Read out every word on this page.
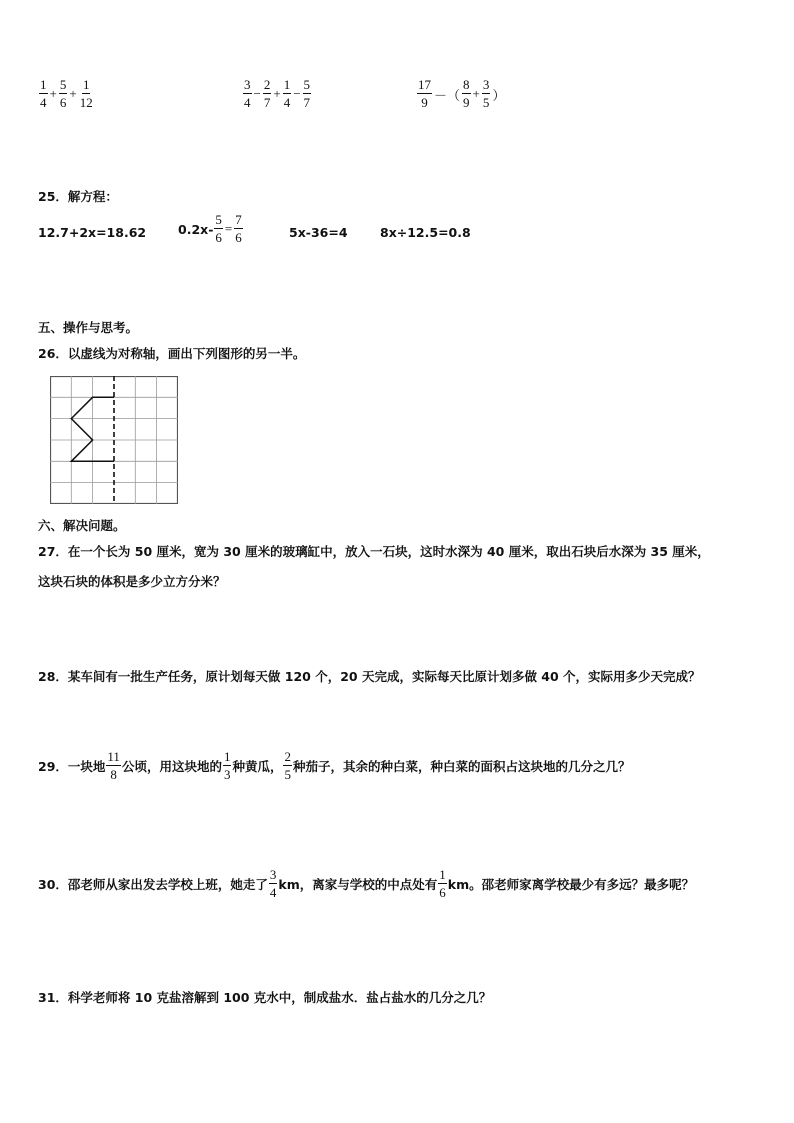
$\frac{1}{4} + \frac{5}{6} + \frac{1}{12}$	$\frac{3}{4} - \frac{2}{7} + \frac{1}{4} - \frac{5}{7}$	$\frac{17}{9}$ －（ $\frac{8}{9} + \frac{3}{5}$ ）
25．解方程：
12.7+2x=18.62	$0.2x- \frac{5}{6} = \frac{7}{6}$	5x-36=4	8x÷12.5=0.8
五、操作与思考。
26．以虚线为对称轴，画出下列图形的另一半。
六、解决问题。
27．在一个长为 50 厘米，宽为 30 厘米的玻璃缸中，放入一石块，这时水深为 40 厘米，取出石块后水深为 35 厘米，
这块石块的体积是多少立方分米？
28．某车间有一批生产任务，原计划每天做 120 个，20 天完成，实际每天比原计划多做 40 个，实际用多少天完成？
29．一块地 $\frac{11}{8}$ 公顷，用这块地的 $\frac{1}{3}$ 种黄瓜， $\frac{2}{5}$ 种茄子，其余的种白菜，种白菜的面积占这块地的几分之几？
30．邵老师从家出发去学校上班，她走了 $\frac{3}{4}$ km，离家与学校的中点处有 $\frac{1}{6}$ km。邵老师家离学校最少有多远？最多呢？
31．科学老师将 10 克盐溶解到 100 克水中，制成盐水．盐占盐水的几分之几？
